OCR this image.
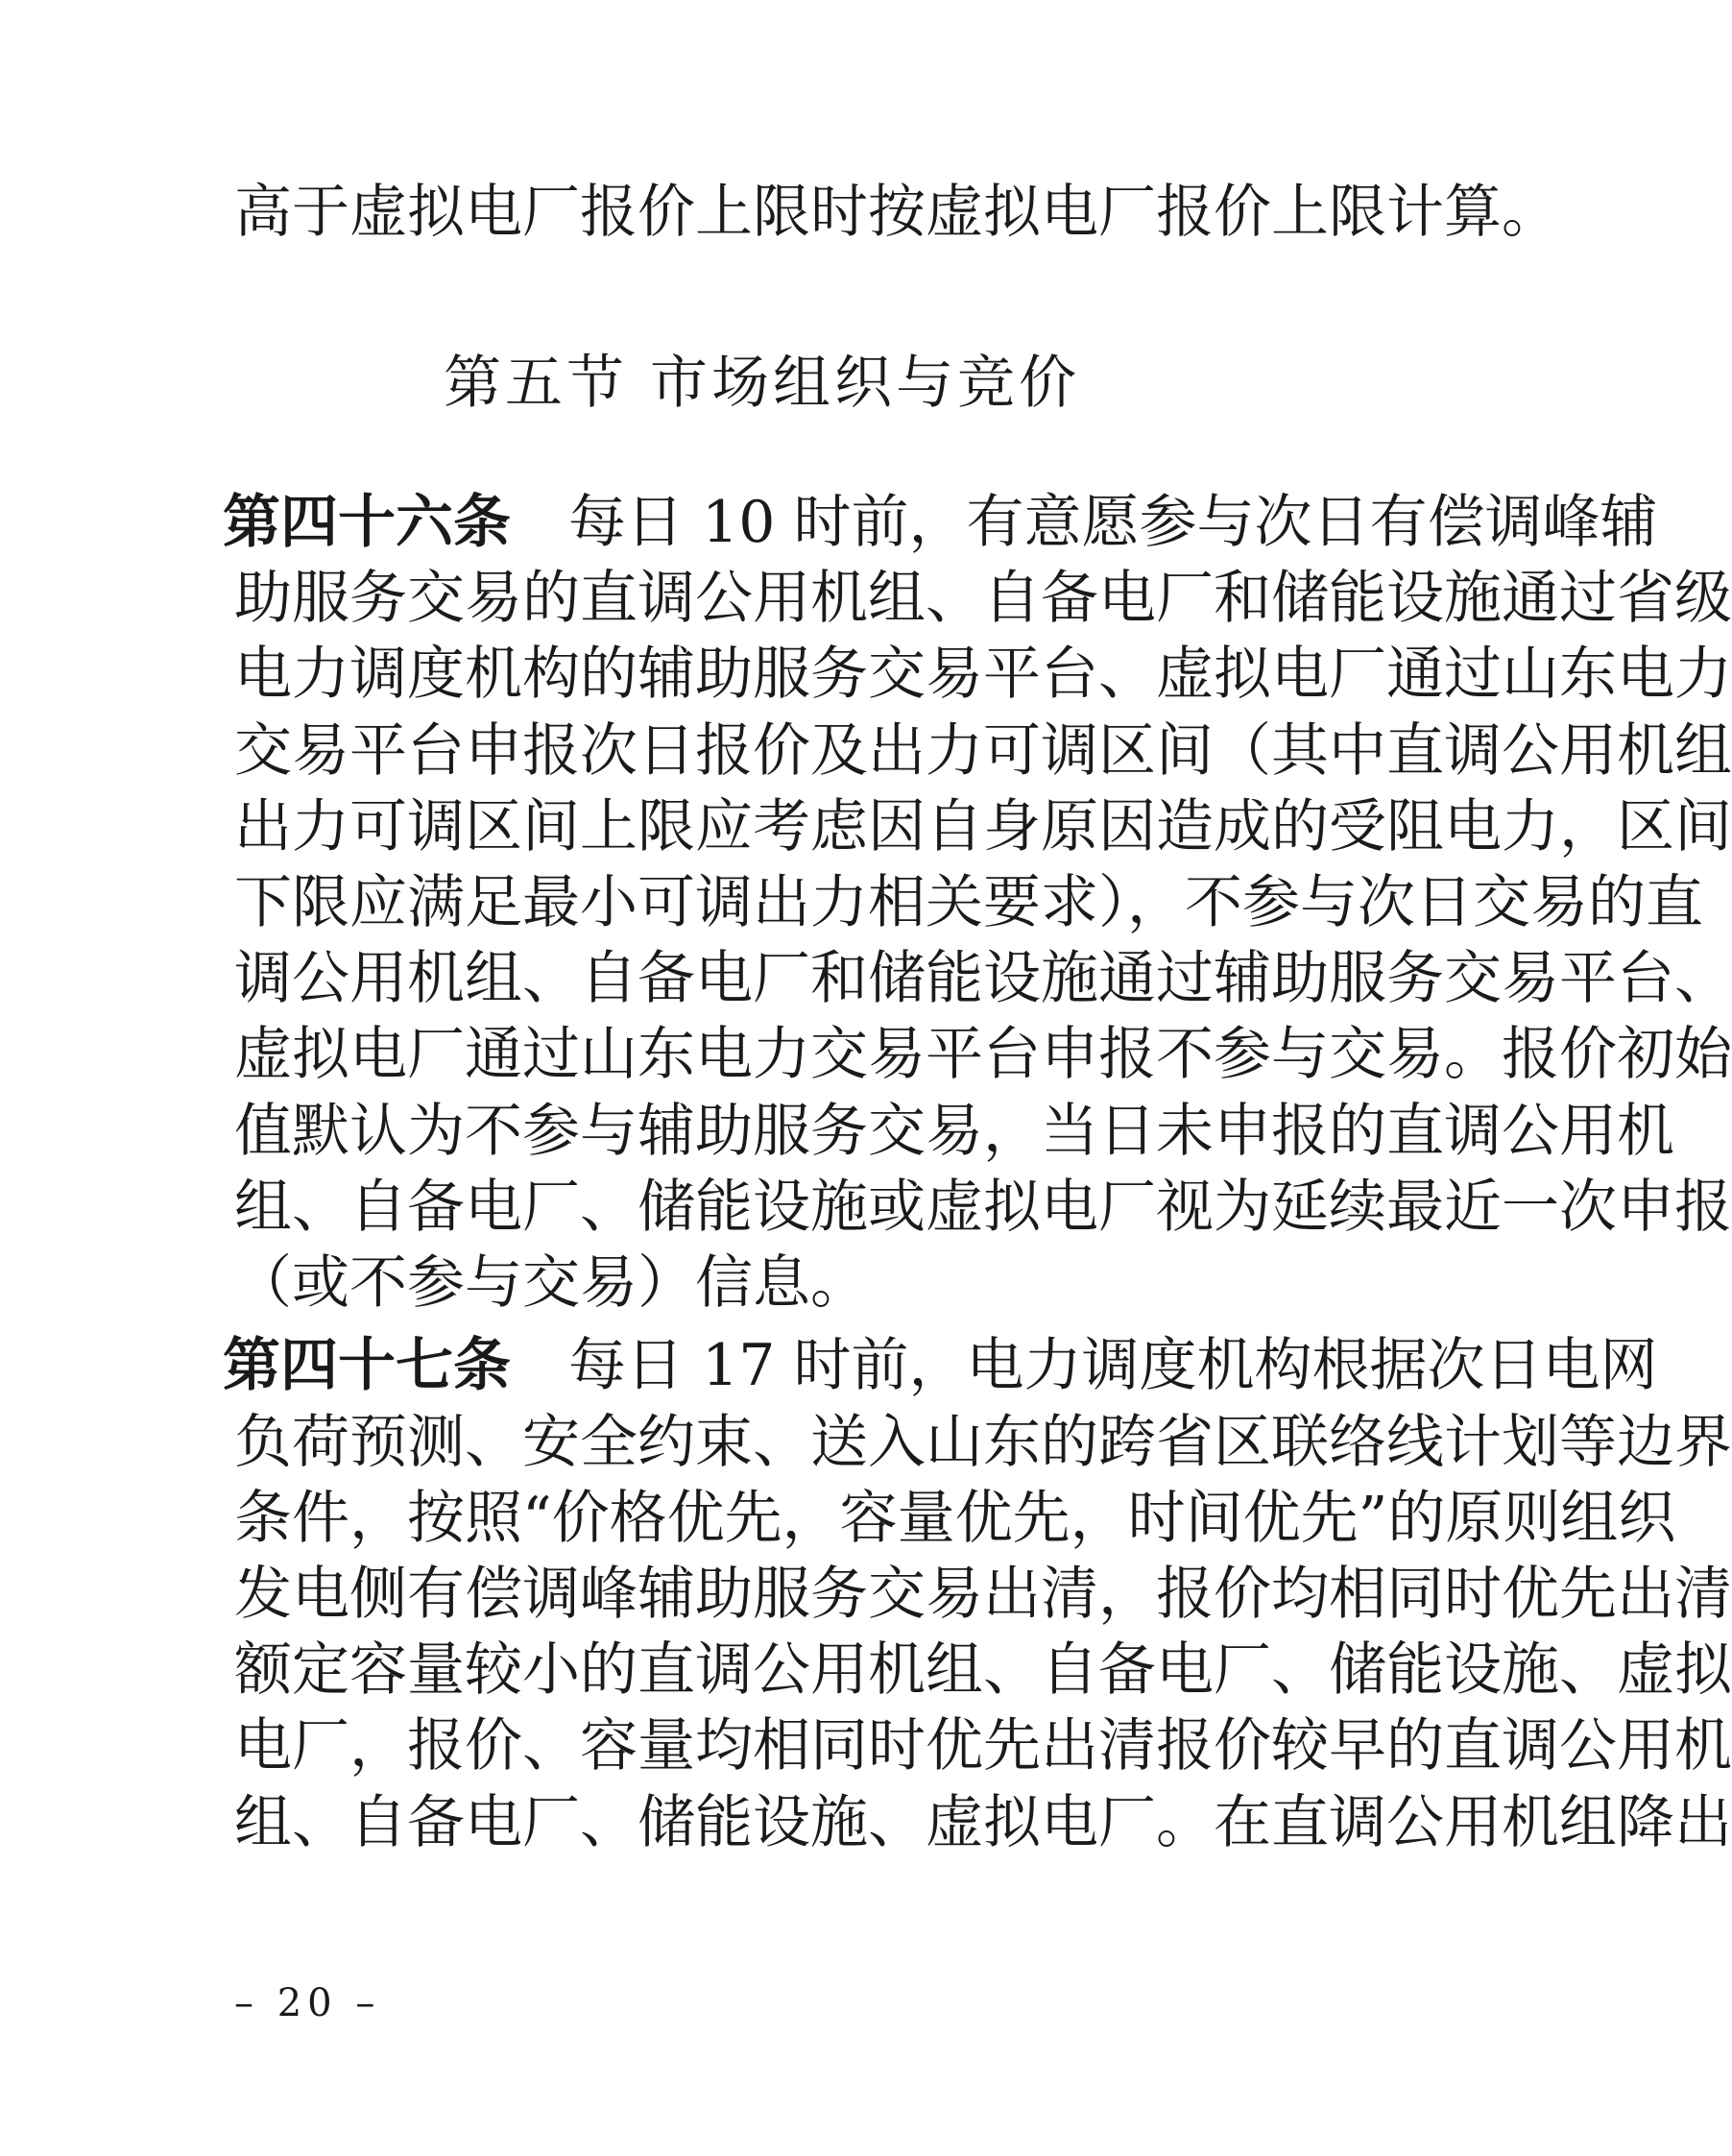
高于虚拟电厂报价上限时按虚拟电厂报价上限计算。
第五节 市场组织与竞价
第四十六条　 每日 10 时前，有意愿参与次日有偿调峰辅
助服务交易的直调公用机组、自备电厂和储能设施通过省级
电力调度机构的辅助服务交易平台、虚拟电厂通过山东电力
交易平台申报次日报价及出力可调区间（其中直调公用机组
出力可调区间上限应考虑因自身原因造成的受阻电力，区间
下限应满足最小可调出力相关要求），不参与次日交易的直
调公用机组、自备电厂和储能设施通过辅助服务交易平台、
虚拟电厂通过山东电力交易平台申报不参与交易。报价初始
值默认为不参与辅助服务交易，当日未申报的直调公用机
组、自备电厂、储能设施或虚拟电厂视为延续最近一次申报
（或不参与交易）信息。
第四十七条　 每日 17 时前，电力调度机构根据次日电网
负荷预测、安全约束、送入山东的跨省区联络线计划等边界
条件，按照“价格优先，容量优先，时间优先”的原则组织
发电侧有偿调峰辅助服务交易出清，报价均相同时优先出清
额定容量较小的直调公用机组、自备电厂、储能设施、虚拟
电厂，报价、容量均相同时优先出清报价较早的直调公用机
组、自备电厂、储能设施、虚拟电厂。在直调公用机组降出
– 20 –
